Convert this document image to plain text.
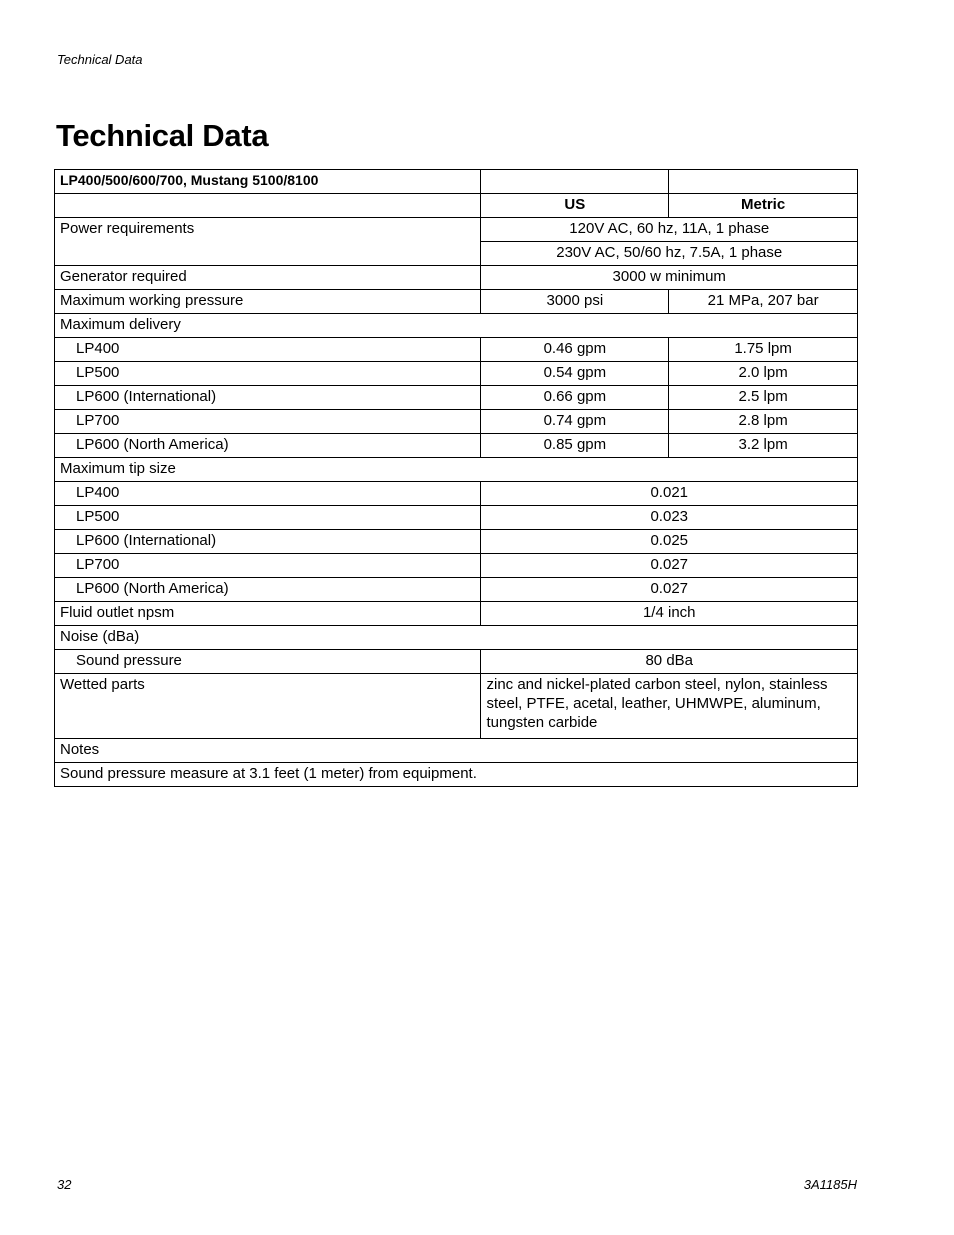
Technical Data
Technical Data
LP400/500/600/700, Mustang 5100/8100		
	US	Metric
Power requirements	120V AC, 60 hz, 11A, 1 phase	
	230V AC, 50/60 hz, 7.5A, 1 phase	
Generator required	3000 w minimum	
Maximum working pressure	3000 psi	21 MPa, 207 bar
Maximum delivery		
LP400	0.46 gpm	1.75 lpm
LP500	0.54 gpm	2.0 lpm
LP600 (International)	0.66 gpm	2.5 lpm
LP700	0.74 gpm	2.8 lpm
LP600 (North America)	0.85 gpm	3.2 lpm
Maximum tip size		
LP400	0.021	
LP500	0.023	
LP600 (International)	0.025	
LP700	0.027	
LP600 (North America)	0.027	
Fluid outlet npsm	1/4 inch	
Noise (dBa)		
Sound pressure	80 dBa	
Wetted parts	zinc and nickel-plated carbon steel, nylon, stainless steel, PTFE, acetal, leather, UHMWPE, aluminum, tungsten carbide	
Notes		
Sound pressure measure at 3.1 feet (1 meter) from equipment.		
32	3A1185H
